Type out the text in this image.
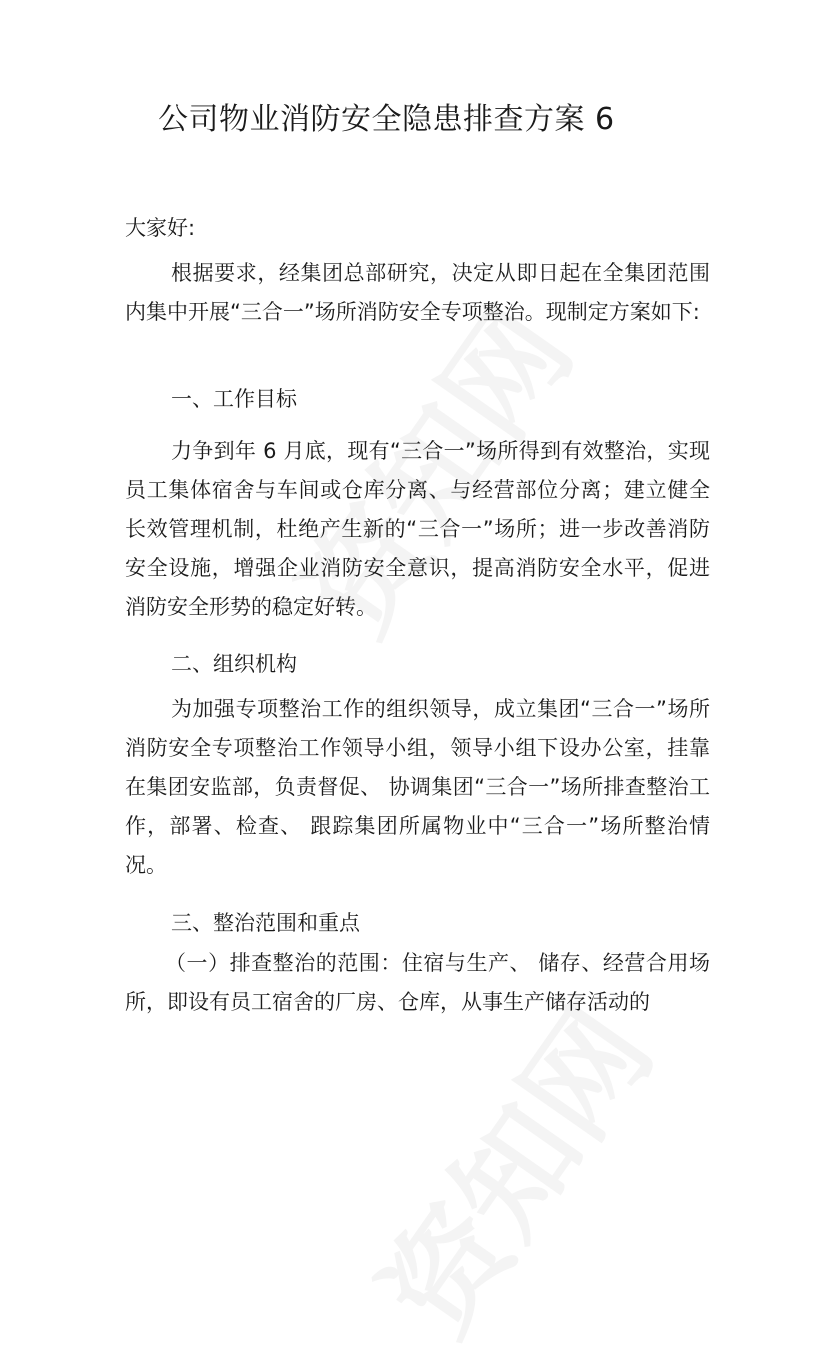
公司物业消防安全隐患排查方案 6

大家好:

根据要求，经集团总部研究，决定从即日起在全集团范围内集中开展“三合一”场所消防安全专项整治。现制定方案如下:

一、工作目标

力争到年 6 月底，现有“三合一”场所得到有效整治，实现员工集体宿舍与车间或仓库分离、与经营部位分离；建立健全长效管理机制，杜绝产生新的“三合一”场所；进一步改善消防安全设施，增强企业消防安全意识，提高消防安全水平，促进消防安全形势的稳定好转。

二、组织机构

为加强专项整治工作的组织领导，成立集团“三合一”场所消防安全专项整治工作领导小组，领导小组下设办公室，挂靠在集团安监部，负责督促、 协调集团“三合一”场所排查整治工作，部署、检查、 跟踪集团所属物业中“三合一”场所整治情况。

三、整治范围和重点

（一）排查整治的范围：住宿与生产、 储存、经营合用场所，即设有员工宿舍的厂房、仓库，从事生产储存活动的
